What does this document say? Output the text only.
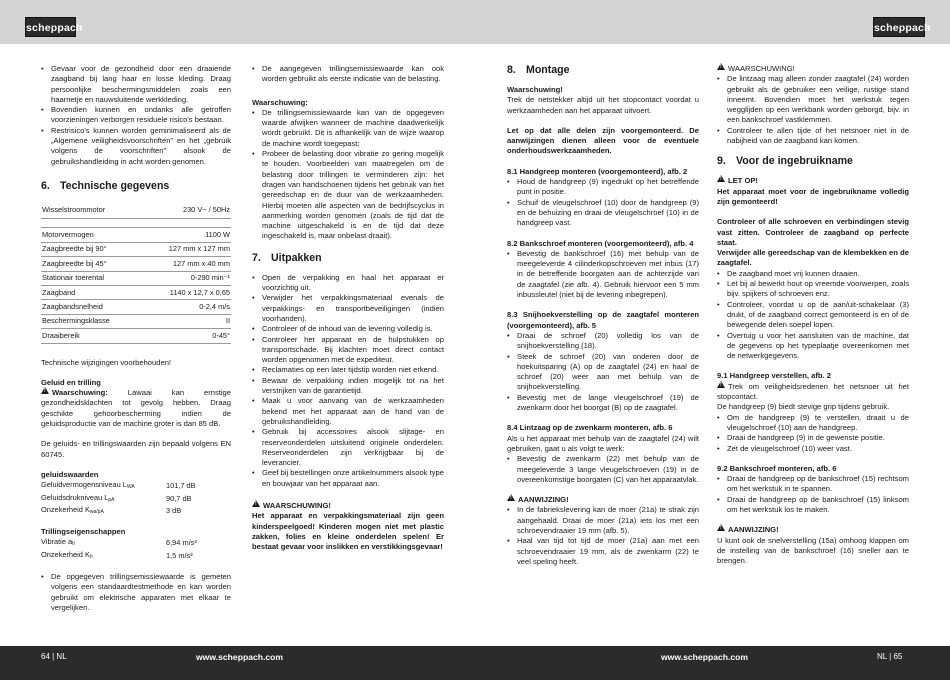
scheppach	scheppach
• Gevaar voor de gezondheid door een draaiende zaagband bij lang haar en losse kleding. Draag persoonlijke beschermingsmiddelen zoals een haarnetje en nauwsluitende werkkleding.
• Bovendien kunnen en ondanks alle getroffen voorzieningen verborgen residuele risico's bestaan.
• Restrisico's kunnen worden geminimaliseerd als de „Algemene veiligheidsvoorschriften" en het „gebruik volgens de voorschriften" alsook de gebruikshandleiding in acht worden genomen.
6. Technische gegevens
Wisselstroommotor	230 V~ / 50Hz

Motorvermogen	1100 W
Zaagbreedte bij 90°	127 mm x 127 mm
Zaagbreedte bij 45°	127 mm x 40 mm
Stationair toerental	0-290 min⁻¹
Zaagband	1140 x 12,7 x 0,65
Zaagbandsnelheid	0-2,4 m/s
Beschermingsklasse	II
Draaibereik	0-45°

Technische wijzigingen voorbehouden!

Geluid en trilling

!Waarschuwing:	Lawaai kan ernstige gezondheidsklachten tot gevolg hebben. Draag geschikte gehoorbescherming indien de geluidsproductie van de machine groter is dan 85 dB.

De geluids- en trillingswaarden zijn bepaald volgens EN 60745.

geluidswaarden

Geluidvermogensniveau $L_{WA}$	101,7 dB
Geluidsdrukniveau $L_{pA}$	90,7 dB
Onzekerheid $K_{wa/pA}$	3 dB

Trillingseigenschappen

Vibratie $a_h$	6,94 m/s²
Onzekerheid $K_h$	1,5 m/s²
• De opgegeven trillingsemissiewaarde is gemeten volgens een standaardtestmethode en kan worden gebruikt om elektrische apparaten met elkaar te vergelijken.
• De aangegeven trillingsemissiewaarde kan ook worden gebruikt als eerste indicatie van de belasting.

Waarschuwing:

• De trillingsemissiewaarde kan van de opgegeven waarde afwijken wanneer de machine daadwerkelijk wordt gebruikt. Dit is afhankelijk van de wijze waarop de machine wordt toegepast;
• Probeer de belasting door vibratie zo gering mogelijk te houden. Voorbeelden van maatregelen om de belasting door trillingen te verminderen zijn: het dragen van handschoenen tijdens het gebruik van het gereedschap en de duur van de werkzaamheden. Hierbij moeten alle aspecten van de bedrijfscyclus in aanmerking worden genomen (zoals de tijd dat de machine uitgeschakeld is en de tijd dat deze ingeschakeld is, maar onbelast draait).
7. Uitpakken
• Open de verpakking en haal het apparaat er voorzichtig uit.
• Verwijder het verpakkingsmateriaal evenals de verpakkings- en transportbeveiligingen (indien voorhanden).
• Controleer of de inhoud van de levering volledig is.
• Controleer het apparaat en de hulpstukken op transportschade. Bij klachten moet direct contact worden opgenomen met de expediteur.
• Reclamaties op een later tijdstip worden niet erkend.
• Bewaar de verpakking indien mogelijk tot na het verstrijken van de garantietijd.
• Maak u voor aanvang van de werkzaamheden bekend met het apparaat aan de hand van de gebruikshandleiding.
• Gebruik bij accessoires alsook slijtage- en reserveonderdelen uitsluitend originele onderdelen. Reserveonderdelen zijn verkrijgbaar bij de leverancier.
• Geef bij bestellingen onze artikelnummers alsook type en bouwjaar van het apparaat aan.

!WAARSCHUWING!

Het apparaat en verpakkingsmateriaal zijn geen kinderspeelgoed! Kinderen mogen niet met plastic zakken, folies en kleine onderdelen spelen! Er bestaat gevaar voor inslikken en verstikkingsgevaar!

8. Montage

Waarschuwing!

Trek de netstekker altijd uit het stopcontact voordat u werkzaamheden aan het apparaat uitvoert.

Let op dat alle delen zijn voorgemonteerd. De aanwijzingen dienen alleen voor de eventuele onderhoudswerkzaamheden.

8.1 Handgreep monteren (voorgemonteerd), afb. 2

• Houd de handgreep (9) ingedrukt op het betreffende punt in positie.
• Schuif de vleugelschroef (10) door de handgreep (9) en de behuizing en draai de vleugelschroef (10) in de handgreep vast.

8.2 Bankschroef monteren (voorgemonteerd), afb. 4

• Bevestig de bankschroef (16) met behulp van de meegeleverde 4 cilinderkopschroeven met inbus (17) in de betreffende boorgaten aan de achterzijde van de zaagtafel (zie afb. 4). Gebruik hiervoor een 5 mm inbussleutel (niet bij de levering inbegrepen).

8.3 Snijhoekverstelling op de zaagtafel monteren (voorgemonteerd), afb. 5

• Draai de schroef (20) volledig los van de snijhoekverstelling (18).
• Steek de schroef (20) van onderen door de hoekuitsparing (A) op de zaagtafel (24) en haal de schroef (20) weer aan met behulp van de snijhoekverstelling.
• Bevestig met de lange vleugelschroef (19) de zwenkarm door het boorgat (B) op de zaagtafel.

8.4 Lintzaag op de zwenkarm monteren, afb. 6

Als u het apparaat met behulp van de zaagtafel (24) wilt gebruiken, gaat u als volgt te werk:

• Bevestig de zwenkarm (22) met behulp van de meegeleverde 3 lange vleugelschroeven (19) in de overeenkomstige boorgaten (C) van het apparaatvlak.

!AANWIJZING!

• In de fabriekslevering kan de moer (21a) te strak zijn aangehaald. Draai de moer (21a) iets los met een schroevendraaier 19 mm (afb. 5).
• Haal van tijd tot tijd de moer (21a) aan met een schroevendraaier 19 mm, als de zwenkarm (22) te veel speling heeft.

!WAARSCHUWING!

• De lintzaag mag alleen zonder zaagtafel (24) worden gebruikt als de gebruiker een veilige, rustige stand inneemt. Bovendien moet het werkstuk tegen wegglijden op een werkbank worden geborgd, bijv. in een bankschroef vastklemmen.
• Controleer te allen tijde of het netsnoer niet in de nabijheid van de zaagband kan komen.
9. Voor de ingebruikname

!LET OP!

Het apparaat moet voor de ingebruikname volledig zijn gemonteerd!

Controleer of alle schroeven en verbindingen stevig vast zitten. Controleer de zaagband op perfecte staat.

Verwijder alle gereedschap van de klembekken en de zaagtafel.

• De zaagband moet vrij kunnen draaien.
• Let bij al bewerkt hout op vreemde voorwerpen, zoals bijv. spijkers of schroeven enz.
• Controleer, voordat u op de aan/uit-schakelaar (3) drukt, of de zaagband correct gemonteerd is en of de bewegende delen soepel lopen.
• Overtuig u voor het aansluiten van de machine, dat de gegevens op het typeplaatje overeenkomen met de netwerkgegevens.

9.1 Handgreep verstellen, afb. 2

!Trek om veiligheidsredenen het netsnoer uit het stopcontact.

De handgreep (9) biedt stevige grip tijdens gebruik.

• Om de handgreep (9) te verstellen, draait u de vleugelschroef (10) aan de handgreep.
• Draai de handgreep (9) in de gewenste positie.
• Zet de vleugelschroef (10) weer vast.

9.2 Bankschroef monteren, afb. 6

• Draai de handgreep op de bankschroef (15) rechtsom om het werkstuk in te spannen.
• Draai de handgreep op de bankschroef (15) linksom om het werkstuk los te maken.

!AANWIJZING!

U kunt ook de snelverstelling (15a) omhoog klappen om de instelling van de bankschroef (16) sneller aan te brengen.

64 | NL	www.scheppach.com	www.scheppach.com	NL | 65
